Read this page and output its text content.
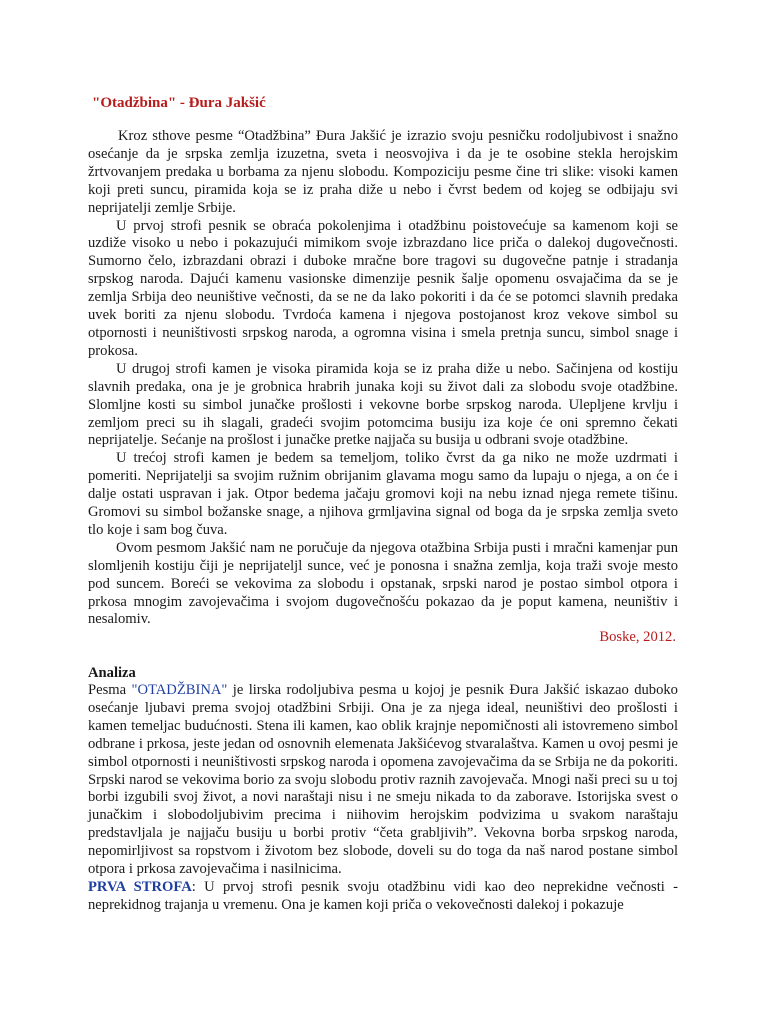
"Otadžbina" - Đura Jakšić

Kroz sthove pesme “Otadžbina” Đura Jakšić je izrazio svoju pesničku rodoljubivost i snažno osećanje da je srpska zemlja izuzetna, sveta i neosvojiva i da je te osobine stekla herojskim žrtvovanjem predaka u borbama za njenu slobodu. Kompoziciju pesme čine tri slike: visoki kamen koji preti suncu, piramida koja se iz praha diže u nebo i čvrst bedem od kojeg se odbijaju svi neprijatelji zemlje Srbije.

U prvoj strofi pesnik se obraća pokolenjima i otadžbinu poistovećuje sa kamenom koji se uzdiže visoko u nebo i pokazujući mimikom svoje izbrazdano lice priča o dalekoj dugovečnosti. Sumorno čelo, izbrazdani obrazi i duboke mračne bore tragovi su dugovečne patnje i stradanja srpskog naroda. Dajući kamenu vasionske dimenzije pesnik šalje opomenu osvajačima da se je zemlja Srbija deo neuništive večnosti, da se ne da lako pokoriti i da će se potomci slavnih predaka uvek boriti za njenu slobodu. Tvrdoća kamena i njegova postojanost kroz vekove simbol su otpornosti i neuništivosti srpskog naroda, a ogromna visina i smela pretnja suncu, simbol snage i prokosa.

U drugoj strofi kamen je visoka piramida koja se iz praha diže u nebo. Sačinjena od kostiju slavnih predaka, ona je je grobnica hrabrih junaka koji su život dali za slobodu svoje otadžbine. Slomljne kosti su simbol junačke prošlosti i vekovne borbe srpskog naroda. Ulepljene krvlju i zemljom preci su ih slagali, gradeći svojim potomcima busiju iza koje će oni spremno čekati neprijatelje. Sećanje na prošlost i junačke pretke najjača su busija u odbrani svoje otadžbine.

U trećoj strofi kamen je bedem sa temeljom, toliko čvrst da ga niko ne može uzdrmati i pomeriti. Neprijatelji sa svojim ružnim obrijanim glavama mogu samo da lupaju o njega, a on će i dalje ostati uspravan i jak. Otpor bedema jačaju gromovi koji na nebu iznad njega remete tišinu. Gromovi su simbol božanske snage, a njihova grmljavina signal od boga da je srpska zemlja sveto tlo koje i sam bog čuva.

Ovom pesmom Jakšić nam ne poručuje da njegova otažbina Srbija pusti i mračni kamenjar pun slomljenih kostiju čiji je neprijateljl sunce, već je ponosna i snažna zemlja, koja traži svoje mesto pod suncem. Boreći se vekovima za slobodu i opstanak, srpski narod je postao simbol otpora i prkosa mnogim zavojevačima i svojom dugovečnošću pokazao da je poput kamena, neuništiv i nesalomiv.

Boske, 2012.
Analiza

Pesma "OTADŽBINA" je lirska rodoljubiva pesma u kojoj je pesnik Đura Jakšić iskazao duboko osećanje ljubavi prema svojoj otadžbini Srbiji. Ona je za njega ideal, neuništivi deo prošlosti i kamen temeljac budućnosti. Stena ili kamen, kao oblik krajnje nepomičnosti ali istovremeno simbol odbrane i prkosa, jeste jedan od osnovnih elemenata Jakšićevog stvaralaštva. Kamen u ovoj pesmi je simbol otpornosti i neuništivosti srpskog naroda i opomena zavojevačima da se Srbija ne da pokoriti. Srpski narod se vekovima borio za svoju slobodu protiv raznih zavojevača. Mnogi naši preci su u toj borbi izgubili svoj život, a novi naraštaji nisu i ne smeju nikada to da zaborave. Istorijska svest o junačkim i slobodoljubivim precima i niihovim herojskim podvizima u svakom naraštaju predstavljala je najjaču busiju u borbi protiv “četa grabljivih”. Vekovna borba srpskog naroda, nepomirljivost sa ropstvom i životom bez slobode, doveli su do toga da naš narod postane simbol otpora i prkosa zavojevačima i nasilnicima.

PRVA STROFA: U prvoj strofi pesnik svoju otadžbinu vidi kao deo neprekidne večnosti - neprekidnog trajanja u vremenu. Ona je kamen koji priča o vekovečnosti dalekoj i pokazuje
